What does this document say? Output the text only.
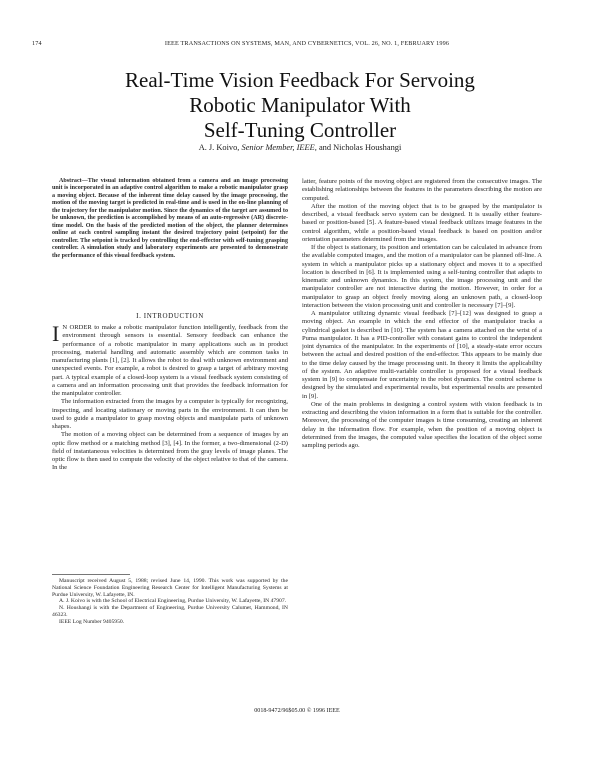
174	IEEE TRANSACTIONS ON SYSTEMS, MAN, AND CYBERNETICS, VOL. 26, NO. 1, FEBRUARY 1996
Real-Time Vision Feedback For Servoing
Robotic Manipulator With
Self-Tuning Controller
A. J. Koivo, Senior Member, IEEE, and Nicholas Houshangi

Abstract—The visual information obtained from a camera and an image processing unit is incorporated in an adaptive control algorithm to make a robotic manipulator grasp a moving object. Because of the inherent time delay caused by the image processing, the motion of the moving target is predicted in real-time and is used in the on-line planning of the trajectory for the manipulator motion. Since the dynamics of the target are assumed to be unknown, the prediction is accomplished by means of an auto-regressive (AR) discrete-time model. On the basis of the predicted motion of the object, the planner determines online at each control sampling instant the desired trajectory point (setpoint) for the controller. The setpoint is tracked by controlling the end-effector with self-tuning grasping controller. A simulation study and laboratory experiments are presented to demonstrate the performance of this visual feedback system.

I. INTRODUCTION

I N ORDER to make a robotic manipulator function intelligently, feedback from the environment through sensors is essential. Sensory feedback can enhance the performance of a robotic manipulator in many applications such as in product processing, material handling and automatic assembly which are common tasks in manufacturing plants [1], [2]. It allows the robot to deal with unknown environment and unexpected events. For example, a robot is desired to grasp a target of arbitrary moving part. A typical example of a closed-loop system is a visual feedback system consisting of a camera and an information processing unit that provides the feedback information for the manipulator controller.

The information extracted from the images by a computer is typically for recognizing, inspecting, and locating stationary or moving parts in the environment. It can then be used to guide a manipulator to grasp moving objects and manipulate parts of unknown shapes.

The motion of a moving object can be determined from a sequence of images by an optic flow method or a matching method [3], [4]. In the former, a two-dimensional (2-D) field of instantaneous velocities is determined from the gray levels of image planes. The optic flow is then used to compute the velocity of the object relative to that of the camera. In the

Manuscript received August 5, 1988; revised June 14, 1990. This work was supported by the National Science Foundation Engineering Research Center for Intelligent Manufacturing Systems at Purdue University, W. Lafayette, IN.

A. J. Koivo is with the School of Electrical Engineering, Purdue University, W. Lafayette, IN 47907.

N. Houshangi is with the Department of Engineering, Purdue University Calumet, Hammond, IN 46323.

IEEE Log Number 9405950.

latter, feature points of the moving object are registered from the consecutive images. The establishing relationships between the features in the parameters describing the motion are computed.

After the motion of the moving object that is to be grasped by the manipulator is described, a visual feedback servo system can be designed. It is usually either feature-based or position-based [5]. A feature-based visual feedback utilizes image features in the control algorithm, while a position-based visual feedback is based on position and/or orientation parameters determined from the images.

If the object is stationary, its position and orientation can be calculated in advance from the available computed images, and the motion of a manipulator can be planned off-line. A system in which a manipulator picks up a stationary object and moves it to a specified location is described in [6]. It is implemented using a self-tuning controller that adapts to kinematic and unknown dynamics. In this system, the image processing unit and the manipulator controller are not interactive during the motion. However, in order for a manipulator to grasp an object freely moving along an unknown path, a closed-loop interaction between the vision processing unit and controller is necessary [7]–[9].

A manipulator utilizing dynamic visual feedback [7]–[12] was designed to grasp a moving object. An example in which the end effector of the manipulator tracks a cylindrical gasket is described in [10]. The system has a camera attached on the wrist of a Puma manipulator. It has a PID-controller with constant gains to control the independent joint dynamics of the manipulator. In the experiments of [10], a steady-state error occurs between the actual and desired position of the end-effector. This appears to be mainly due to the time delay caused by the image processing unit. In theory it limits the applicability of the system. An adaptive multi-variable controller is proposed for a visual feedback system in [9] to compensate for uncertainty in the robot dynamics. The control scheme is designed by the simulated and experimental results, but experimental results are presented in [9].

One of the main problems in designing a control system with vision feedback is in extracting and describing the vision information in a form that is suitable for the controller. Moreover, the processing of the computer images is time consuming, creating an inherent delay in the information flow. For example, when the position of a moving object is determined from the images, the computed value specifies the location of the object some sampling periods ago.

0018-9472/96$05.00 © 1996 IEEE
